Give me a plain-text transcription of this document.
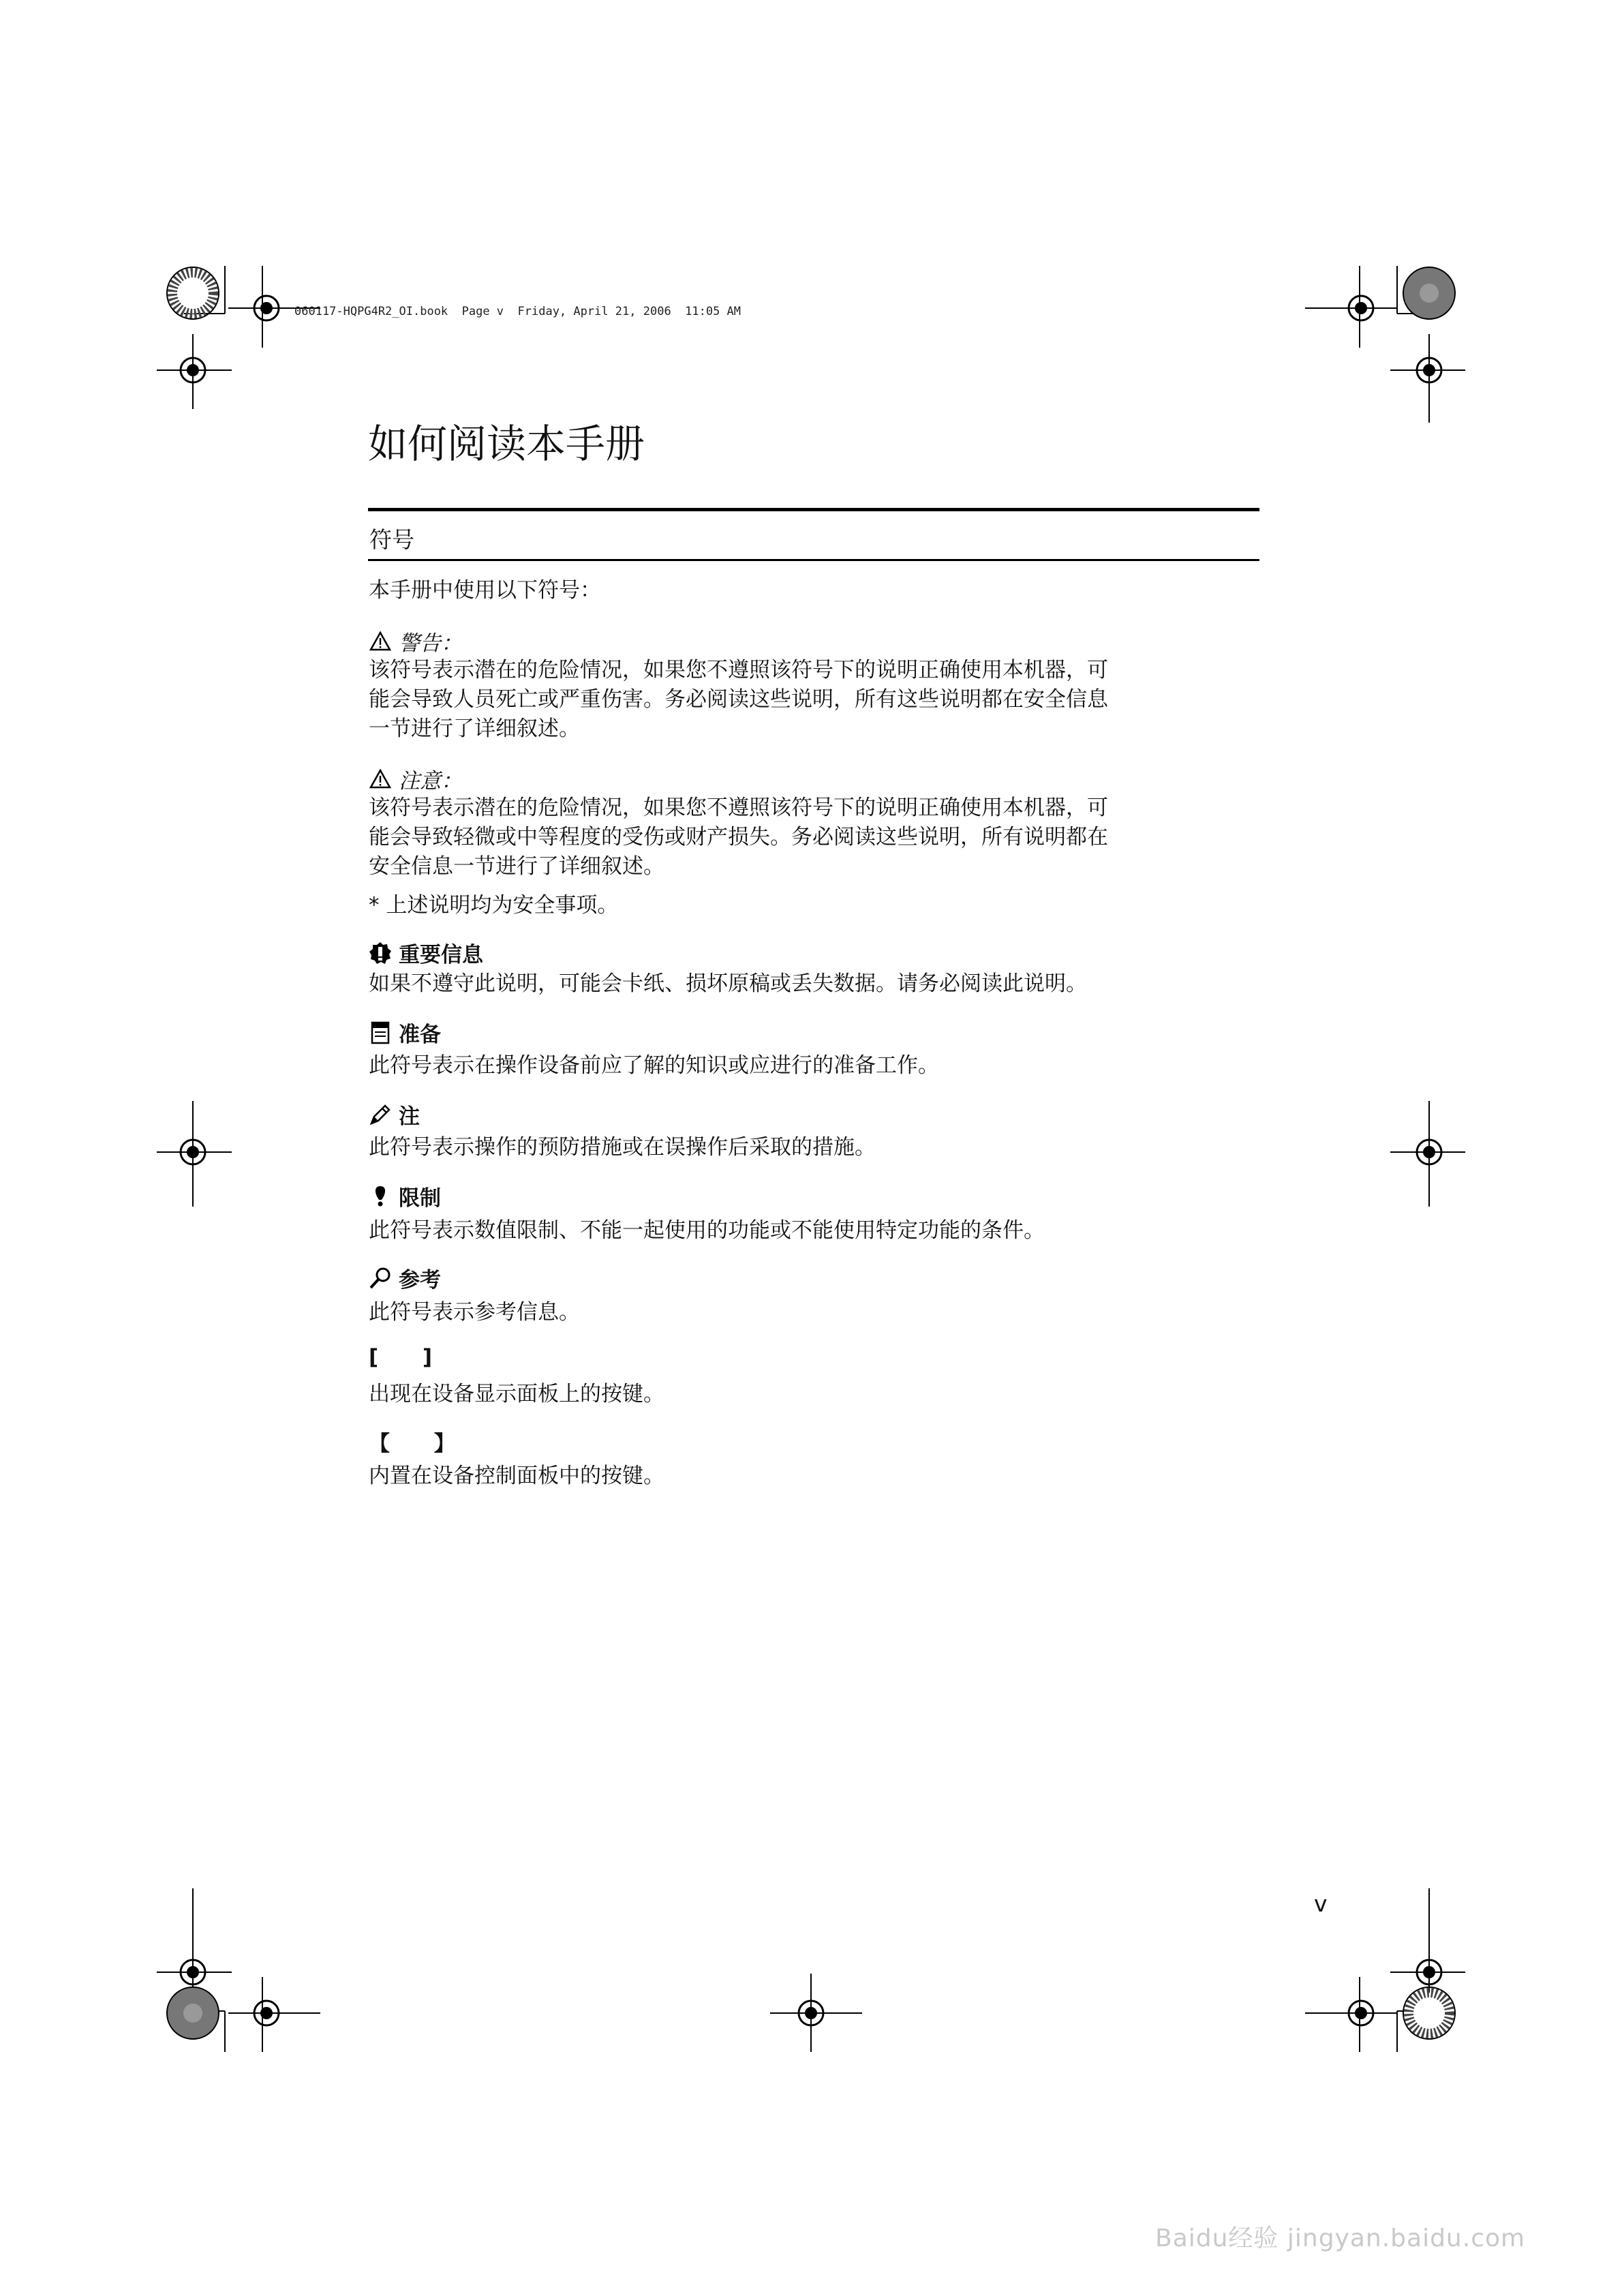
060117-HQPG4R2_OI.book  Page v  Friday, April 21, 2006  11:05 AM
如何阅读本手册
符号
本手册中使用以下符号：
警告：
该符号表示潜在的危险情况，如果您不遵照该符号下的说明正确使用本机器，可
能会导致人员死亡或严重伤害。务必阅读这些说明，所有这些说明都在安全信息
一节进行了详细叙述。
注意：
该符号表示潜在的危险情况，如果您不遵照该符号下的说明正确使用本机器，可
能会导致轻微或中等程度的受伤或财产损失。务必阅读这些说明，所有说明都在
安全信息一节进行了详细叙述。
* 上述说明均为安全事项。
重要信息
如果不遵守此说明，可能会卡纸、损坏原稿或丢失数据。请务必阅读此说明。
准备
此符号表示在操作设备前应了解的知识或应进行的准备工作。
注
此符号表示操作的预防措施或在误操作后采取的措施。
限制
此符号表示数值限制、不能一起使用的功能或不能使用特定功能的条件。
参考
此符号表示参考信息。
[      ]
出现在设备显示面板上的按键。
【      】
内置在设备控制面板中的按键。
v
Baidu经验 jingyan.baidu.com
